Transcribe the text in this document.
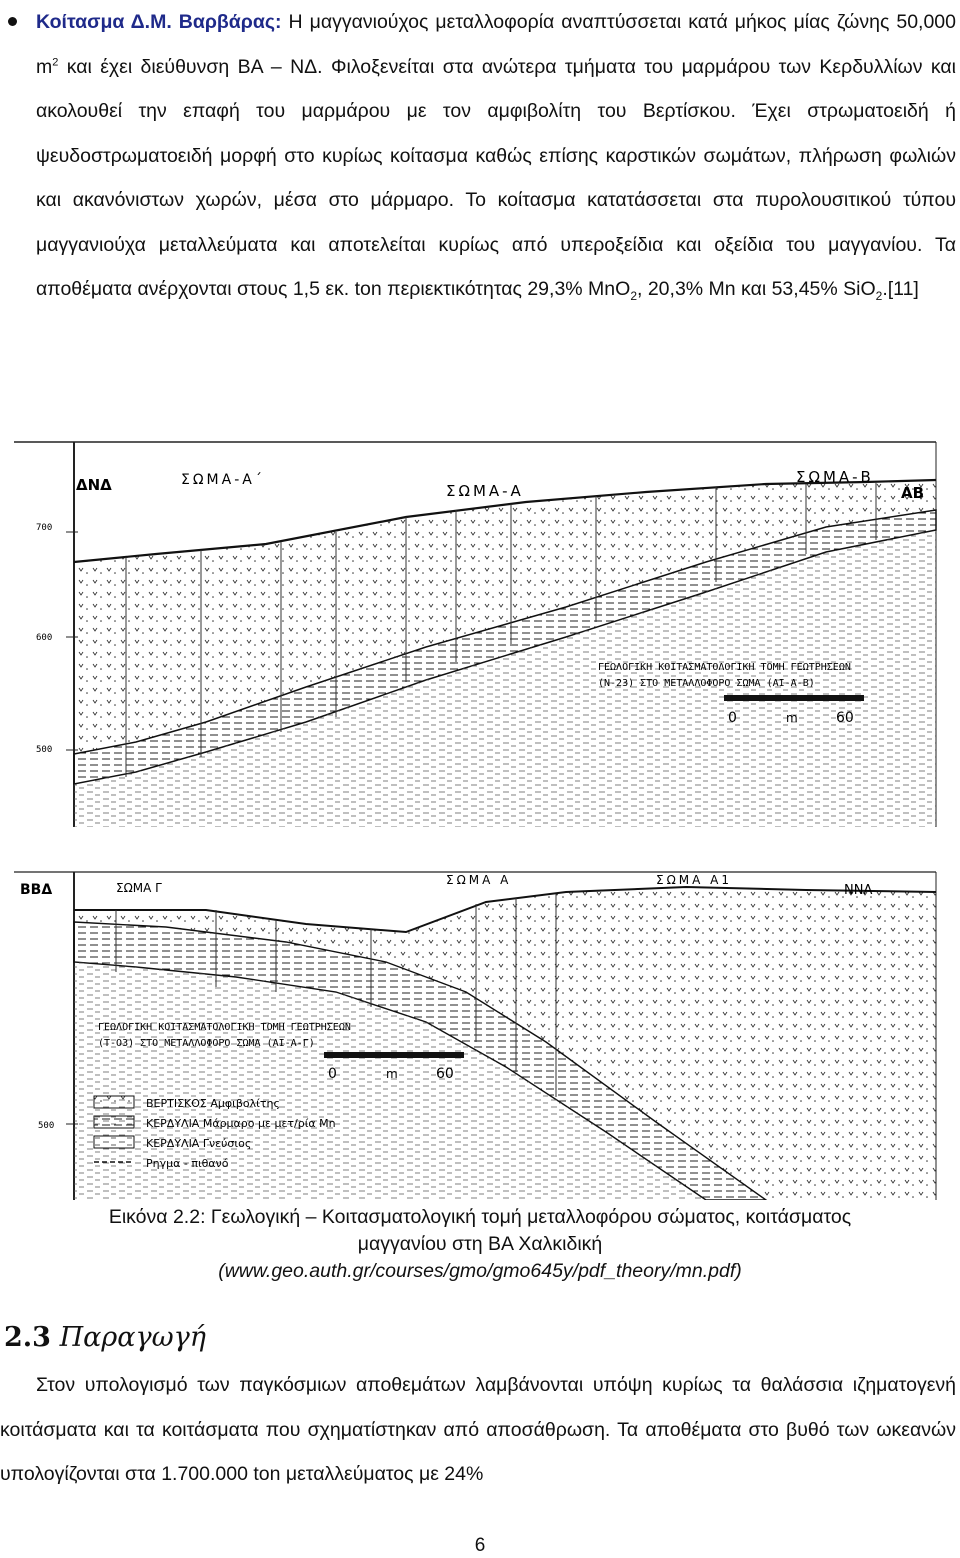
Κοίτασμα Δ.Μ. Βαρβάρας: Η μαγγανιούχος μεταλλοφορία αναπτύσσεται κατά μήκος μίας ζώνης 50,000 $m^2$ και έχει διεύθυνση ΒΑ – ΝΔ. Φιλοξενείται στα ανώτερα τμήματα του μαρμάρου των Κερδυλλίων και ακολουθεί την επαφή του μαρμάρου με τον αμφιβολίτη του Βερτίσκου. Έχει στρωματοειδή ή ψευδοστρωματοειδή μορφή στο κυρίως κοίτασμα καθώς επίσης καρστικών σωμάτων, πλήρωση φωλιών και ακανόνιστων χωρών, μέσα στο μάρμαρο. Το κοίτασμα κατατάσσεται στα πυρολουσιτικού τύπου μαγγανιούχα μεταλλεύματα και αποτελείται κυρίως από υπεροξείδια και οξείδια του μαγγανίου. Τα αποθέματα ανέρχονται στους 1,5 εκ. ton περιεκτικότητας 29,3% MnO$_2$, 20,3% Mn και 53,45% SiO$_2$.[11]
700
600
500
ΔΝΔ	ΑΒ
ΣΩΜΑ-Α΄
ΣΩΜΑ-Α
ΣΩΜΑ-Β
ΓΕΩΛΟΓΙΚΗ ΚΟΙΤΑΣΜΑΤΟΛΟΓΙΚΗ ΤΟΜΗ ΓΕΩΤΡΗΣΕΩΝ
(Ν-23) ΣΤΟ ΜΕΤΑΛΛΟΦΟΡΟ ΣΩΜΑ (ΑΙ-Α-Β)
0	m	60
500
ΒΒΔ	ΝΝΑ
ΣΩΜΑ Γ
ΣΩΜΑ Α	ΣΩΜΑ Α1
ΓΕΩΛΟΓΙΚΗ ΚΟΙΤΑΣΜΑΤΟΛΟΓΙΚΗ ΤΟΜΗ ΓΕΩΤΡΗΣΕΩΝ
(Τ-Ο3) ΣΤΟ ΜΕΤΑΛΛΟΦΟΡΟ ΣΩΜΑ (ΑΙ-Α-Γ)
0	m	60
ΒΕΡΤΙΣΚΟΣ Αμφιβολίτης
ΚΕΡΔΥΛΙΑ Μάρμαρο με μετ/ρία Μn
ΚΕΡΔΥΛΙΑ Γνεύσιος
Ρηγμα - πιθανό
Εικόνα 2.2: Γεωλογική – Κοιτασματολογική τομή μεταλλοφόρου σώματος, κοιτάσματος
μαγγανίου στη ΒΑ Χαλκιδική
(www.geo.auth.gr/courses/gmo/gmo645y/pdf_theory/mn.pdf)
2.3 Παραγωγή
Στον υπολογισμό των παγκόσμιων αποθεμάτων λαμβάνονται υπόψη κυρίως τα θαλάσσια ιζηματογενή κοιτάσματα και τα κοιτάσματα που σχηματίστηκαν από αποσάθρωση. Τα αποθέματα στο βυθό των ωκεανών υπολογίζονται στα 1.700.000 ton μεταλλεύματος με 24%
6
